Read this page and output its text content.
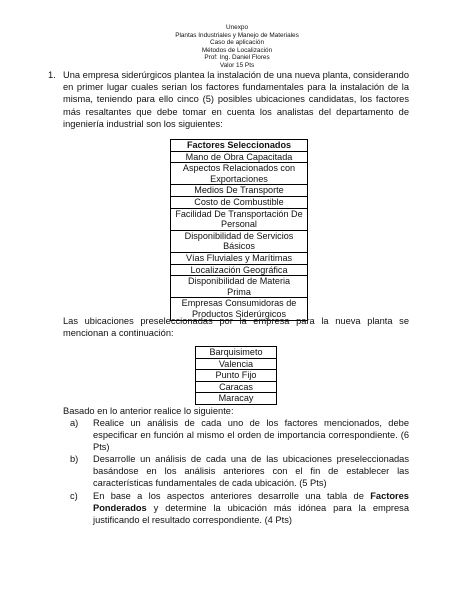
Unexpo
Plantas Industriales y Manejo de Materiales
Caso de aplicación
Métodos de Localización
Prof: Ing. Daniel Flores
Valor 15 Pts
1. Una empresa siderúrgicos plantea la instalación de una nueva planta, considerando en primer lugar cuales serian los factores fundamentales para la instalación de la misma, teniendo para ello cinco (5) posibles ubicaciones candidatas, los factores más resaltantes que debe tomar en cuenta los analistas del departamento de ingeniería industrial son los siguientes:
Factores Seleccionados
Mano de Obra Capacitada
Aspectos Relacionados con Exportaciones
Medios De Transporte
Costo de Combustible
Facilidad De Transportación De Personal
Disponibilidad de Servicios Básicos
Vías Fluviales y Marítimas
Localización Geográfica
Disponibilidad de Materia Prima
Empresas Consumidoras de Productos Siderúrgicos
Las ubicaciones preseleccionadas por la empresa para la nueva planta se mencionan a continuación:
Barquisimeto
Valencia
Punto Fijo
Caracas
Maracay
Basado en lo anterior realice lo siguiente:
a) Realice un análisis de cada uno de los factores mencionados, debe especificar en función al mismo el orden de importancia correspondiente. (6 Pts)
b) Desarrolle un análisis de cada una de las ubicaciones preseleccionadas basándose en los análisis anteriores con el fin de establecer las características fundamentales de cada ubicación. (5 Pts)
c) En base a los aspectos anteriores desarrolle una tabla de Factores Ponderados y determine la ubicación más idónea para la empresa justificando el resultado correspondiente. (4 Pts)
